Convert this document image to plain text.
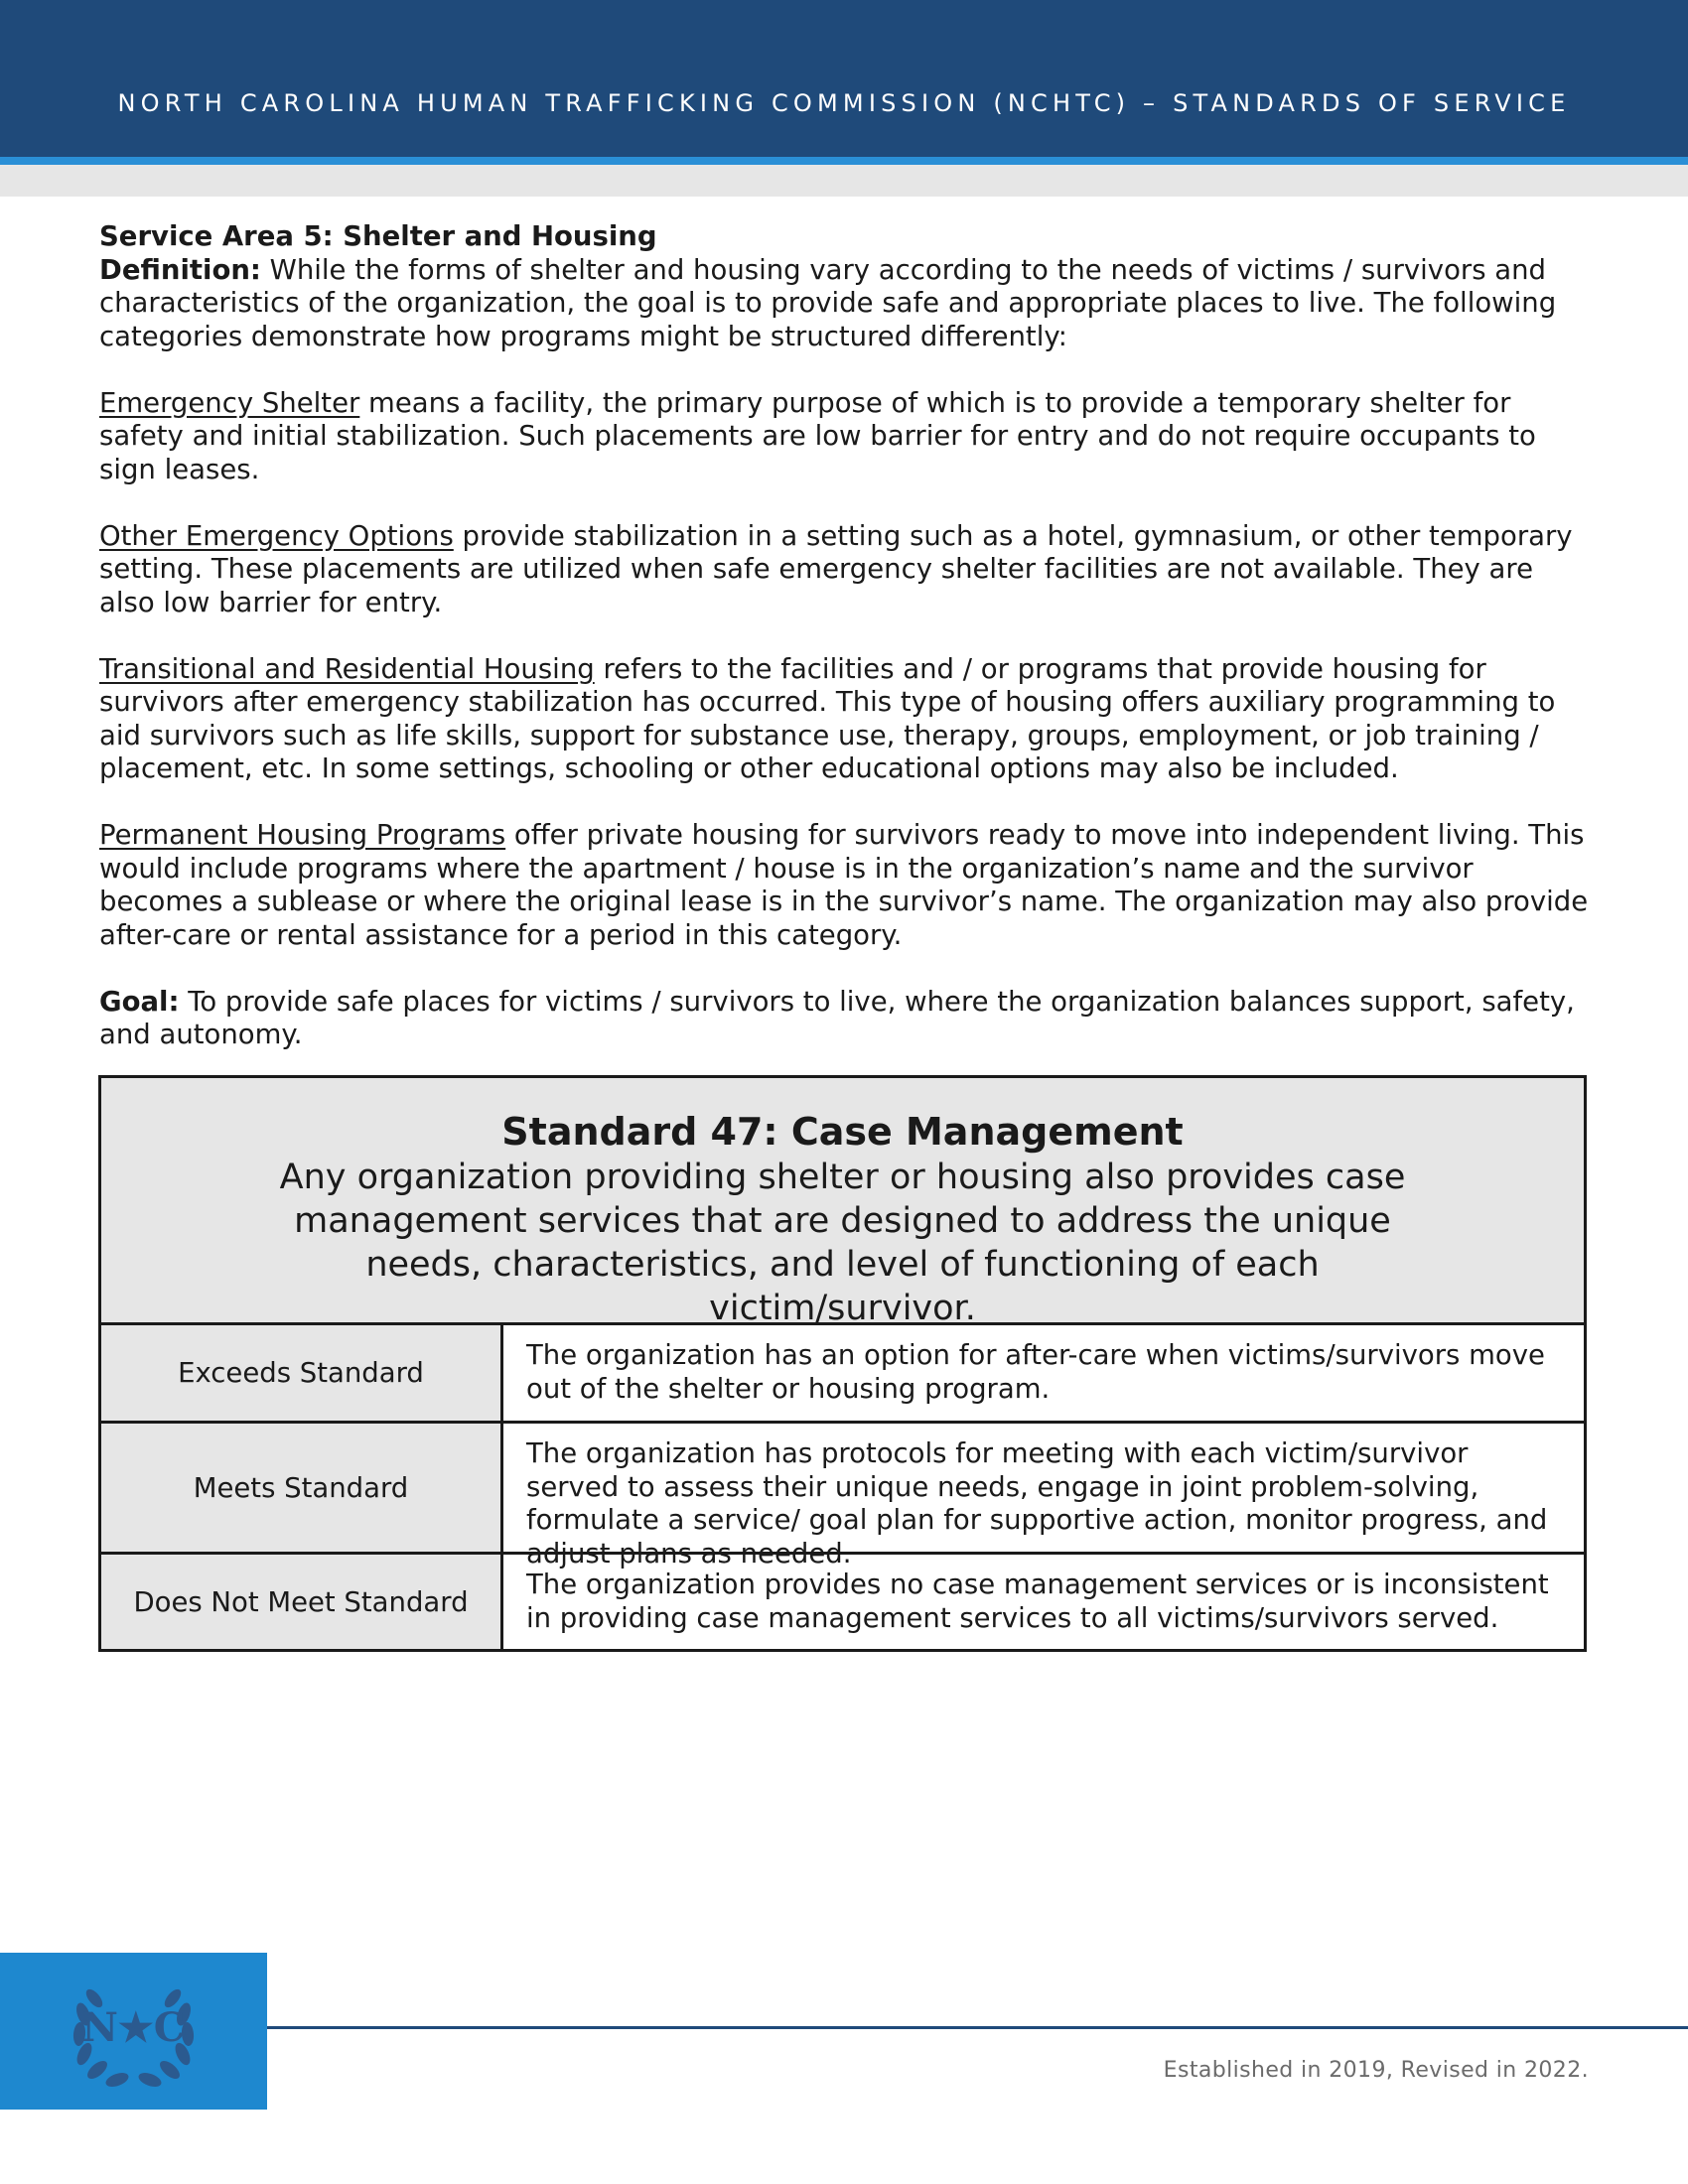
NORTH CAROLINA HUMAN TRAFFICKING COMMISSION (NCHTC) – STANDARDS OF SERVICE

Service Area 5: Shelter and Housing

Definition: While the forms of shelter and housing vary according to the needs of victims / survivors and characteristics of the organization, the goal is to provide safe and appropriate places to live. The following categories demonstrate how programs might be structured differently:

Emergency Shelter means a facility, the primary purpose of which is to provide a temporary shelter for safety and initial stabilization. Such placements are low barrier for entry and do not require occupants to sign leases.

Other Emergency Options provide stabilization in a setting such as a hotel, gymnasium, or other temporary setting. These placements are utilized when safe emergency shelter facilities are not available. They are also low barrier for entry.

Transitional and Residential Housing refers to the facilities and / or programs that provide housing for survivors after emergency stabilization has occurred. This type of housing offers auxiliary programming to aid survivors such as life skills, support for substance use, therapy, groups, employment, or job training / placement, etc. In some settings, schooling or other educational options may also be included.

Permanent Housing Programs offer private housing for survivors ready to move into independent living. This would include programs where the apartment / house is in the organization’s name and the survivor becomes a sublease or where the original lease is in the survivor’s name. The organization may also provide after-care or rental assistance for a period in this category.

Goal: To provide safe places for victims / survivors to live, where the organization balances support, safety, and autonomy.

Standard 47: Case Management
Any organization providing shelter or housing also provides case management services that are designed to address the unique needs, characteristics, and level of functioning of each victim/survivor.
Exceeds Standard
The organization has an option for after-care when victims/survivors move out of the shelter or housing program.
Meets Standard
The organization has protocols for meeting with each victim/survivor served to assess their unique needs, engage in joint problem-solving, formulate a service/ goal plan for supportive action, monitor progress, and adjust plans as needed.
Does Not Meet Standard
The organization provides no case management services or is inconsistent in providing case management services to all victims/survivors served.
N★C
Established in 2019, Revised in 2022.
